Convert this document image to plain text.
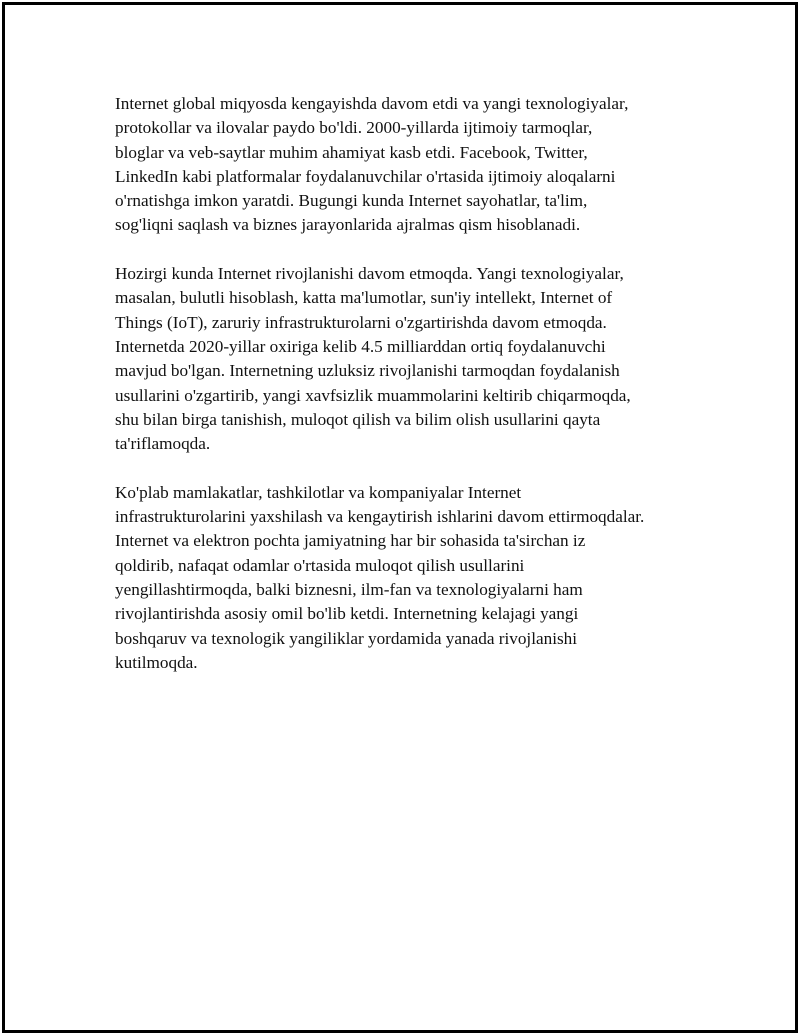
Internet global miqyosda kengayishda davom etdi va yangi texnologiyalar,

protokollar va ilovalar paydo bo'ldi. 2000-yillarda ijtimoiy tarmoqlar,

bloglar va veb-saytlar muhim ahamiyat kasb etdi. Facebook, Twitter,

LinkedIn kabi platformalar foydalanuvchilar o'rtasida ijtimoiy aloqalarni

o'rnatishga imkon yaratdi. Bugungi kunda Internet sayohatlar, ta'lim,

sog'liqni saqlash va biznes jarayonlarida ajralmas qism hisoblanadi.

Hozirgi kunda Internet rivojlanishi davom etmoqda. Yangi texnologiyalar,

masalan, bulutli hisoblash, katta ma'lumotlar, sun'iy intellekt, Internet of

Things (IoT), zaruriy infrastrukturolarni o'zgartirishda davom etmoqda.

Internetda 2020-yillar oxiriga kelib 4.5 milliarddan ortiq foydalanuvchi

mavjud bo'lgan. Internetning uzluksiz rivojlanishi tarmoqdan foydalanish

usullarini o'zgartirib, yangi xavfsizlik muammolarini keltirib chiqarmoqda,

shu bilan birga tanishish, muloqot qilish va bilim olish usullarini qayta

ta'riflamoqda.

Ko'plab mamlakatlar, tashkilotlar va kompaniyalar Internet

infrastrukturolarini yaxshilash va kengaytirish ishlarini davom ettirmoqdalar.

Internet va elektron pochta jamiyatning har bir sohasida ta'sirchan iz

qoldirib, nafaqat odamlar o'rtasida muloqot qilish usullarini

yengillashtirmoqda, balki biznesni, ilm-fan va texnologiyalarni ham

rivojlantirishda asosiy omil bo'lib ketdi. Internetning kelajagi yangi

boshqaruv va texnologik yangiliklar yordamida yanada rivojlanishi

kutilmoqda.
